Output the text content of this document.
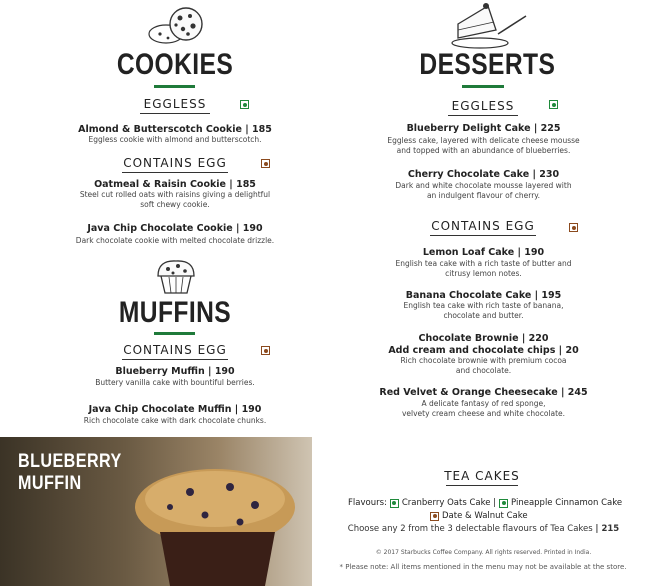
COOKIES
EGGLESS
Almond & Butterscotch Cookie | 185
Eggless cookie with almond and butterscotch.
CONTAINS EGG
Oatmeal & Raisin Cookie | 185
Steel cut rolled oats with raisins giving a delightful
soft chewy cookie.
Java Chip Chocolate Cookie | 190
Dark chocolate cookie with melted chocolate drizzle.
MUFFINS
CONTAINS EGG
Blueberry Muffin | 190
Buttery vanilla cake with bountiful berries.
Java Chip Chocolate Muffin | 190
Rich chocolate cake with dark chocolate chunks.
BLUEBERRY
MUFFIN
DESSERTS
EGGLESS
Blueberry Delight Cake | 225
Eggless cake, layered with delicate cheese mousse
and topped with an abundance of blueberries.
Cherry Chocolate Cake | 230
Dark and white chocolate mousse layered with
an indulgent flavour of cherry.
CONTAINS EGG
Lemon Loaf Cake | 190
English tea cake with a rich taste of butter and
citrusy lemon notes.
Banana Chocolate Cake | 195
English tea cake with rich taste of banana,
chocolate and butter.
Chocolate Brownie | 220
Add cream and chocolate chips | 20
Rich chocolate brownie with premium cocoa
and chocolate.
Red Velvet & Orange Cheesecake | 245
A delicate fantasy of red sponge,
velvety cream cheese and white chocolate.
TEA CAKES
Flavours: Cranberry Oats Cake | Pineapple Cinnamon Cake
Date & Walnut Cake
Choose any 2 from the 3 delectable flavours of Tea Cakes | 215
© 2017 Starbucks Coffee Company. All rights reserved. Printed in India.
* Please note: All items mentioned in the menu may not be available at the store.
